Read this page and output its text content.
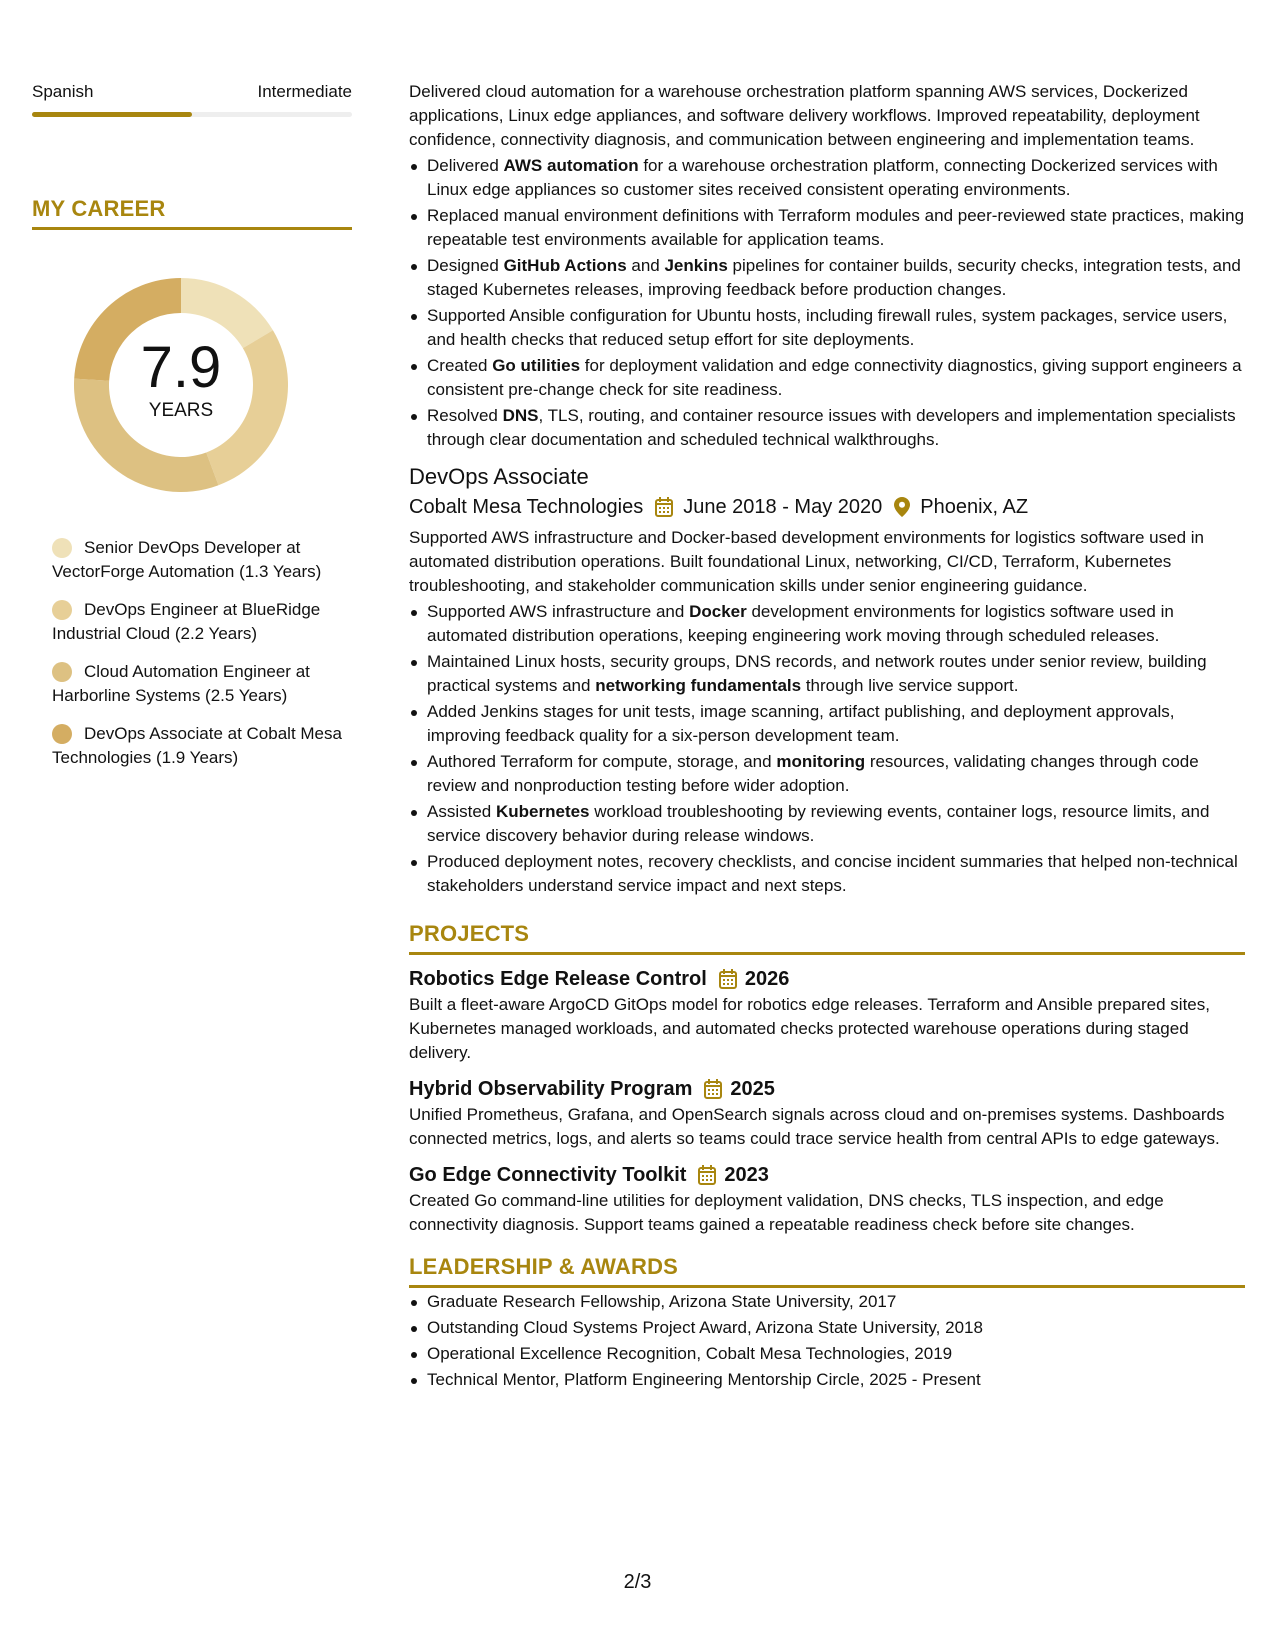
Spanish	Intermediate
MY CAREER
7.9
YEARS
Senior DevOps Developer at VectorForge Automation (1.3 Years)
DevOps Engineer at BlueRidge Industrial Cloud (2.2 Years)
Cloud Automation Engineer at Harborline Systems (2.5 Years)
DevOps Associate at Cobalt Mesa Technologies (1.9 Years)

Delivered cloud automation for a warehouse orchestration platform spanning AWS services, Dockerized applications, Linux edge appliances, and software delivery workflows. Improved repeatability, deployment confidence, connectivity diagnosis, and communication between engineering and implementation teams.

Delivered AWS automation for a warehouse orchestration platform, connecting Dockerized services with Linux edge appliances so customer sites received consistent operating environments.
Replaced manual environment definitions with Terraform modules and peer-reviewed state practices, making repeatable test environments available for application teams.
Designed GitHub Actions and Jenkins pipelines for container builds, security checks, integration tests, and staged Kubernetes releases, improving feedback before production changes.
Supported Ansible configuration for Ubuntu hosts, including firewall rules, system packages, service users, and health checks that reduced setup effort for site deployments.
Created Go utilities for deployment validation and edge connectivity diagnostics, giving support engineers a consistent pre-change check for site readiness.
Resolved DNS, TLS, routing, and container resource issues with developers and implementation specialists through clear documentation and scheduled technical walkthroughs.
DevOps Associate
Cobalt Mesa Technologies June 2018 - May 2020 Phoenix, AZ

Supported AWS infrastructure and Docker-based development environments for logistics software used in automated distribution operations. Built foundational Linux, networking, CI/CD, Terraform, Kubernetes troubleshooting, and stakeholder communication skills under senior engineering guidance.

Supported AWS infrastructure and Docker development environments for logistics software used in automated distribution operations, keeping engineering work moving through scheduled releases.
Maintained Linux hosts, security groups, DNS records, and network routes under senior review, building practical systems and networking fundamentals through live service support.
Added Jenkins stages for unit tests, image scanning, artifact publishing, and deployment approvals, improving feedback quality for a six-person development team.
Authored Terraform for compute, storage, and monitoring resources, validating changes through code review and nonproduction testing before wider adoption.
Assisted Kubernetes workload troubleshooting by reviewing events, container logs, resource limits, and service discovery behavior during release windows.
Produced deployment notes, recovery checklists, and concise incident summaries that helped non-technical stakeholders understand service impact and next steps.
PROJECTS
Robotics Edge Release Control 2026

Built a fleet-aware ArgoCD GitOps model for robotics edge releases. Terraform and Ansible prepared sites, Kubernetes managed workloads, and automated checks protected warehouse operations during staged delivery.

Hybrid Observability Program 2025

Unified Prometheus, Grafana, and OpenSearch signals across cloud and on-premises systems. Dashboards connected metrics, logs, and alerts so teams could trace service health from central APIs to edge gateways.

Go Edge Connectivity Toolkit 2023

Created Go command-line utilities for deployment validation, DNS checks, TLS inspection, and edge connectivity diagnosis. Support teams gained a repeatable readiness check before site changes.

LEADERSHIP & AWARDS
Graduate Research Fellowship, Arizona State University, 2017
Outstanding Cloud Systems Project Award, Arizona State University, 2018
Operational Excellence Recognition, Cobalt Mesa Technologies, 2019
Technical Mentor, Platform Engineering Mentorship Circle, 2025 - Present
2/3
